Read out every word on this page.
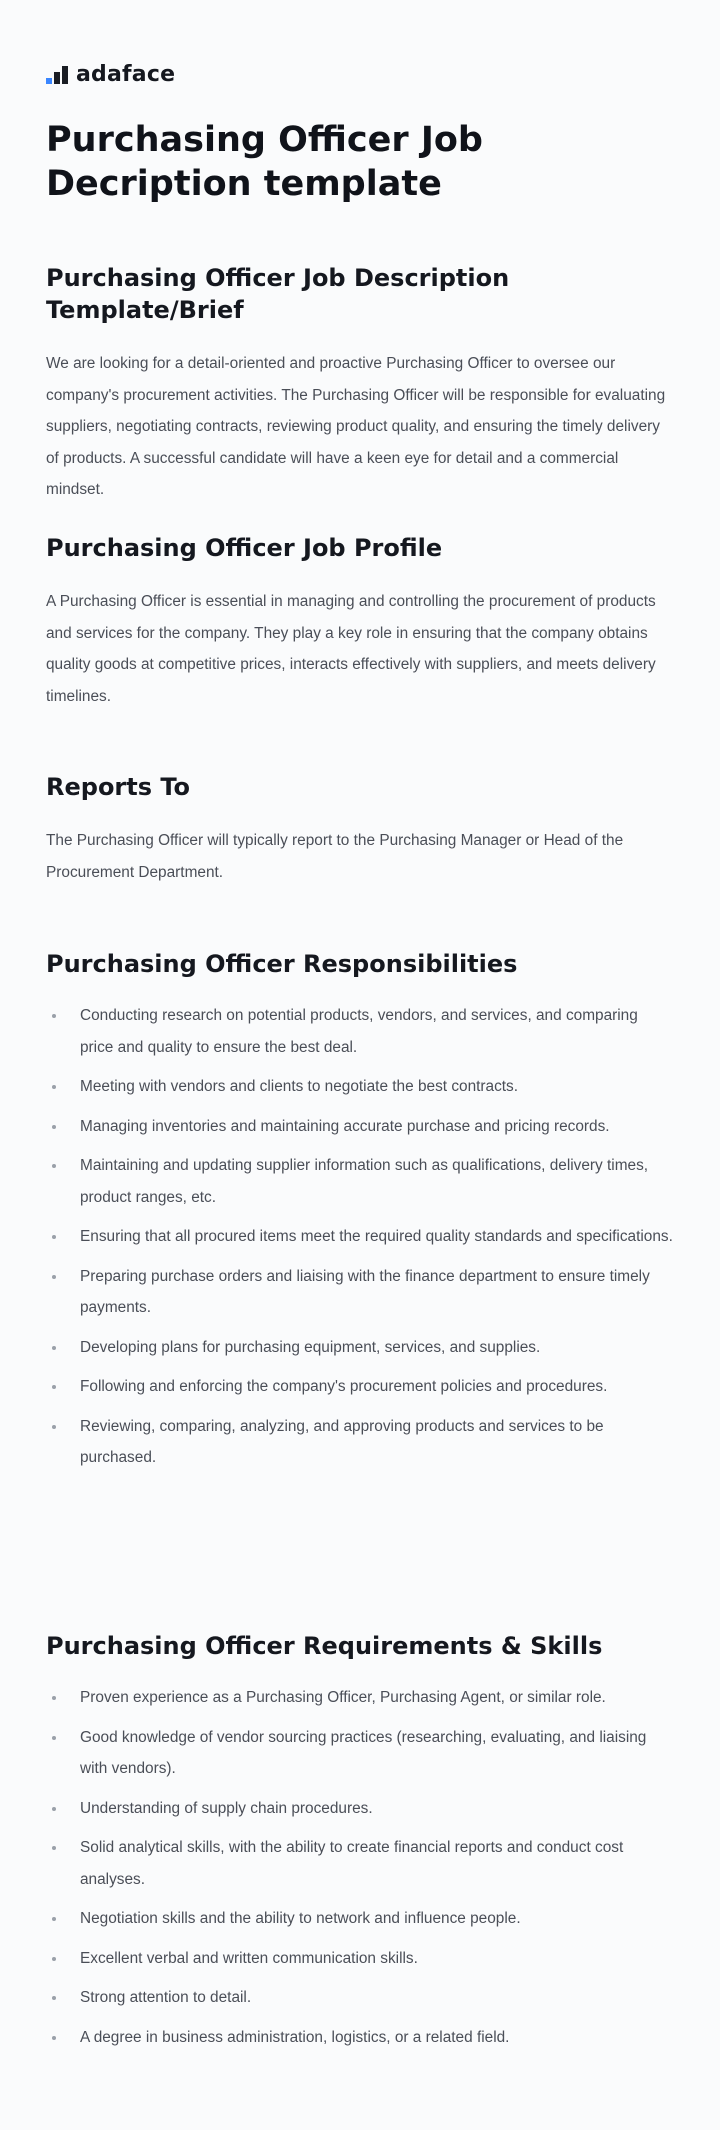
adaface
Purchasing Officer Job Decription template
Purchasing Officer Job Description Template/Brief

We are looking for a detail-oriented and proactive Purchasing Officer to oversee our company's procurement activities. The Purchasing Officer will be responsible for evaluating suppliers, negotiating contracts, reviewing product quality, and ensuring the timely delivery of products. A successful candidate will have a keen eye for detail and a commercial mindset.

Purchasing Officer Job Profile

A Purchasing Officer is essential in managing and controlling the procurement of products and services for the company. They play a key role in ensuring that the company obtains quality goods at competitive prices, interacts effectively with suppliers, and meets delivery timelines.

Reports To

The Purchasing Officer will typically report to the Purchasing Manager or Head of the Procurement Department.

Purchasing Officer Responsibilities
Conducting research on potential products, vendors, and services, and comparing price and quality to ensure the best deal.
Meeting with vendors and clients to negotiate the best contracts.
Managing inventories and maintaining accurate purchase and pricing records.
Maintaining and updating supplier information such as qualifications, delivery times, product ranges, etc.
Ensuring that all procured items meet the required quality standards and specifications.
Preparing purchase orders and liaising with the finance department to ensure timely payments.
Developing plans for purchasing equipment, services, and supplies.
Following and enforcing the company's procurement policies and procedures.
Reviewing, comparing, analyzing, and approving products and services to be purchased.
Purchasing Officer Requirements & Skills
Proven experience as a Purchasing Officer, Purchasing Agent, or similar role.
Good knowledge of vendor sourcing practices (researching, evaluating, and liaising with vendors).
Understanding of supply chain procedures.
Solid analytical skills, with the ability to create financial reports and conduct cost analyses.
Negotiation skills and the ability to network and influence people.
Excellent verbal and written communication skills.
Strong attention to detail.
A degree in business administration, logistics, or a related field.
